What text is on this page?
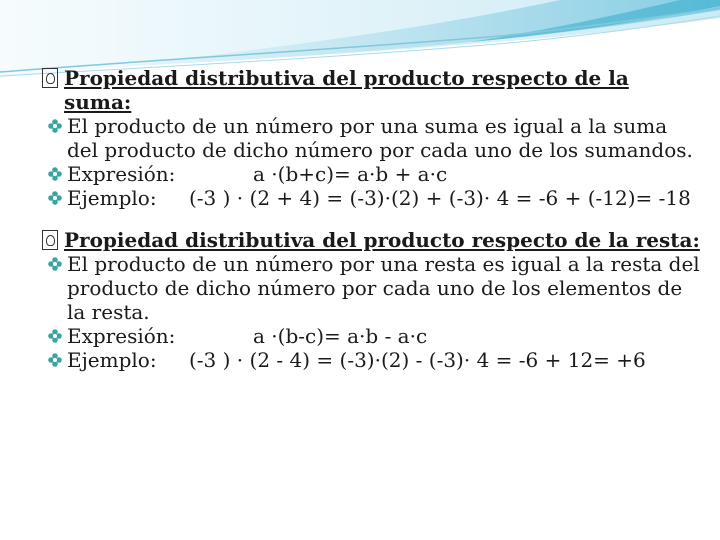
Propiedad distributiva del producto respecto de la suma:
El producto de un número por una suma es igual a la suma del producto de dicho número por cada uno de los sumandos.
Expresión:	a ·(b+c)= a·b + a·c
Ejemplo:	(-3 ) · (2 + 4) = (-3)·(2) + (-3)· 4 = -6 + (-12)= -18
Propiedad distributiva del producto respecto de la resta:
El producto de un número por una resta es igual a la resta del producto de dicho número por cada uno de los elementos de la resta.
Expresión:	a ·(b-c)= a·b - a·c
Ejemplo:	(-3 ) · (2 - 4) = (-3)·(2) - (-3)· 4 = -6 + 12= +6
